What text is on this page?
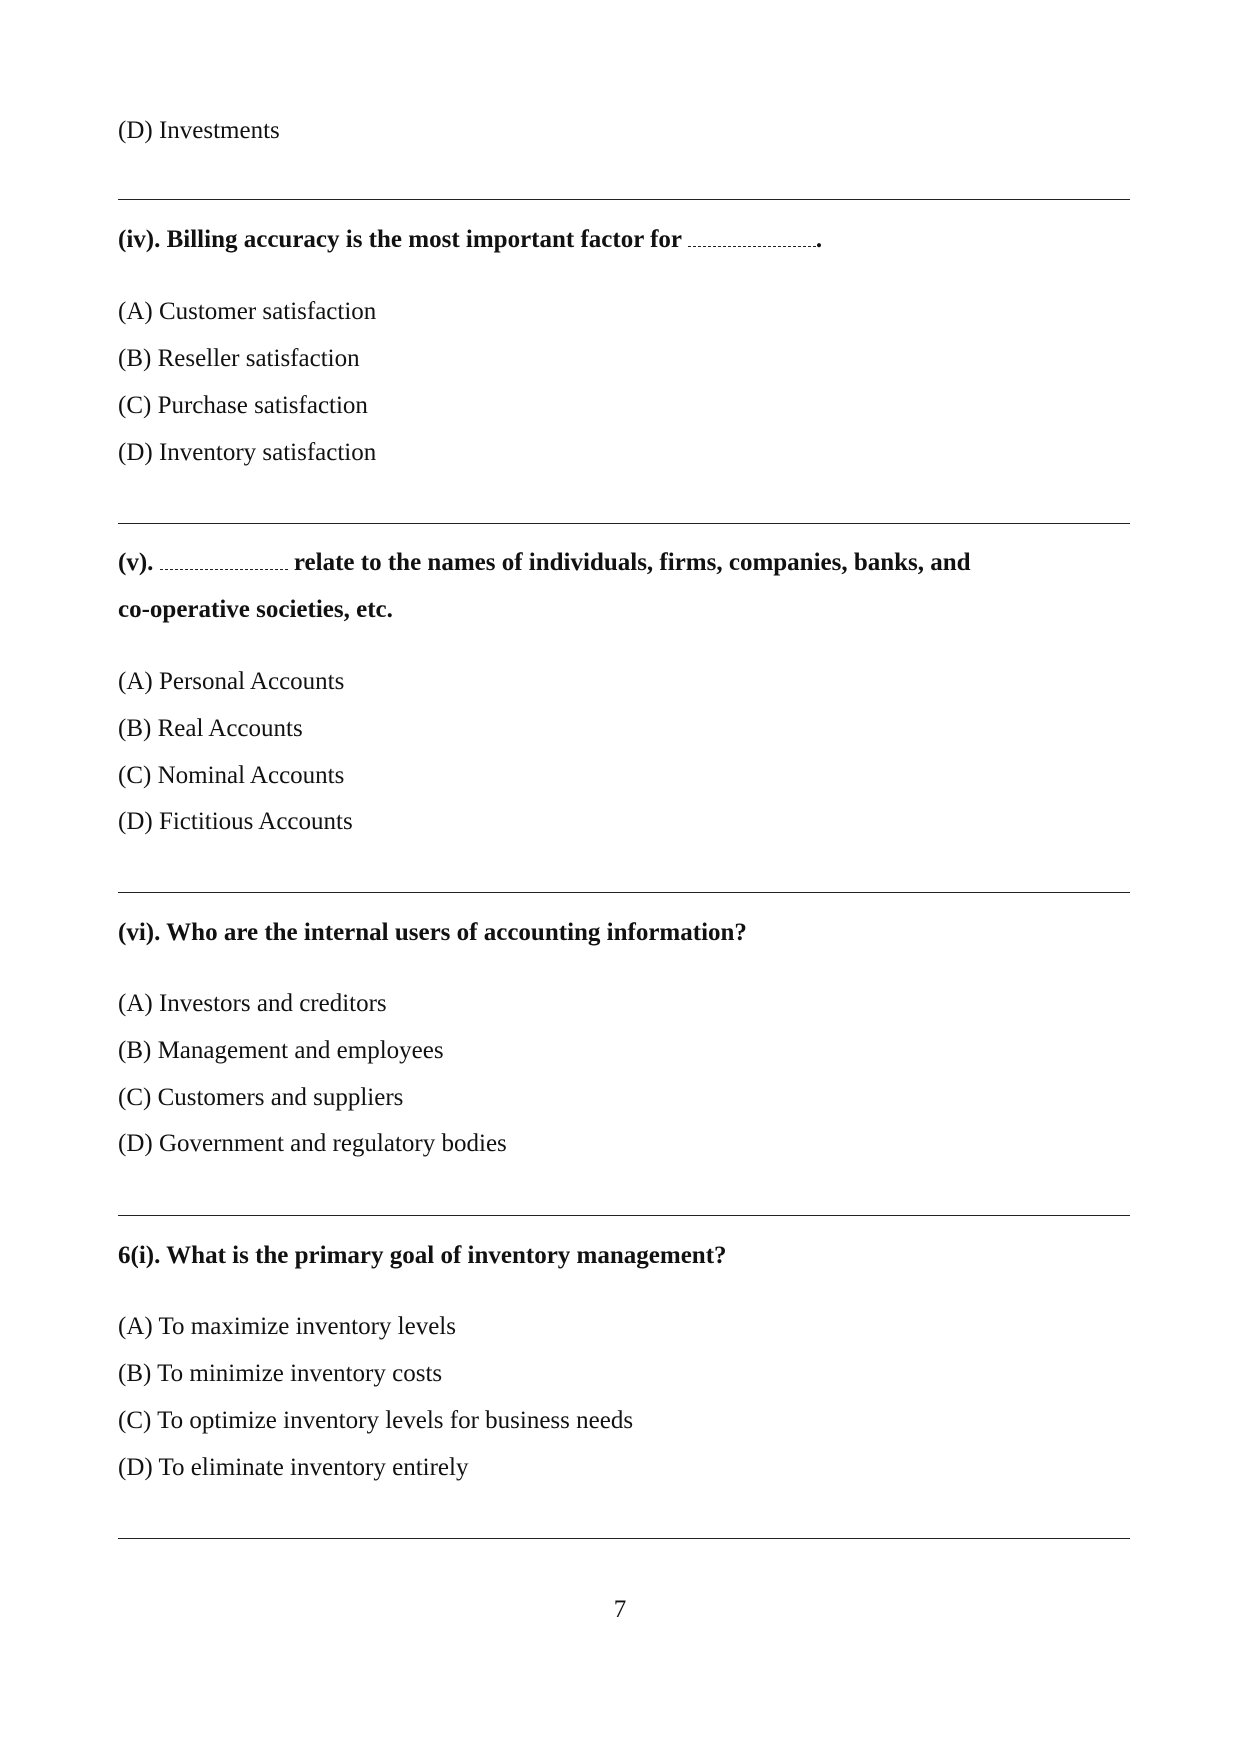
(D) Investments
(iv). Billing accuracy is the most important factor for	.
(A) Customer satisfaction
(B) Reseller satisfaction
(C) Purchase satisfaction
(D) Inventory satisfaction
(v).	relate to the names of individuals, firms, companies, banks, and
co-operative societies, etc.
(A) Personal Accounts
(B) Real Accounts
(C) Nominal Accounts
(D) Fictitious Accounts
(vi). Who are the internal users of accounting information?
(A) Investors and creditors
(B) Management and employees
(C) Customers and suppliers
(D) Government and regulatory bodies
6(i). What is the primary goal of inventory management?
(A) To maximize inventory levels
(B) To minimize inventory costs
(C) To optimize inventory levels for business needs
(D) To eliminate inventory entirely
7
